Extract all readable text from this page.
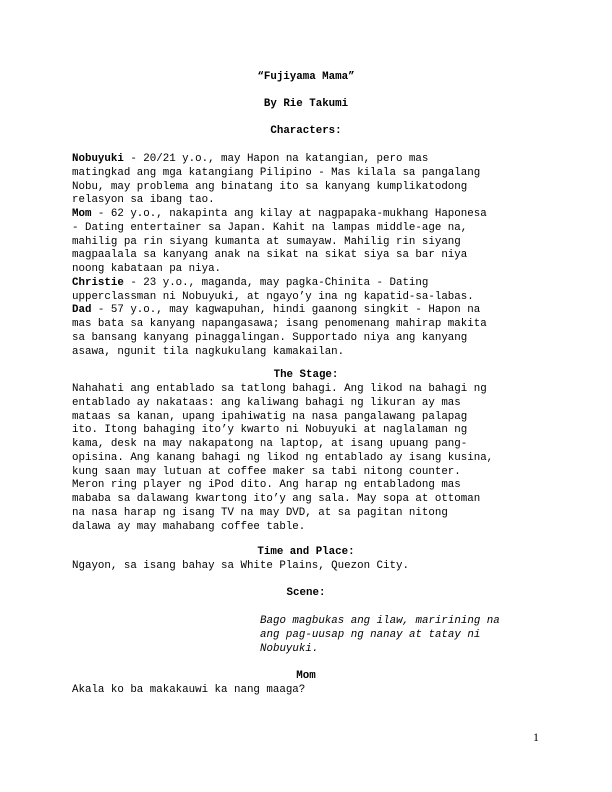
“Fujiyama Mama”
By Rie Takumi
Characters:
Nobuyuki - 20/21 y.o., may Hapon na katangian, pero mas
matingkad ang mga katangiang Pilipino - Mas kilala sa pangalang
Nobu, may problema ang binatang ito sa kanyang kumplikatodong
relasyon sa ibang tao.
Mom - 62 y.o., nakapinta ang kilay at nagpapaka-mukhang Haponesa
- Dating entertainer sa Japan. Kahit na lampas middle-age na,
mahilig pa rin siyang kumanta at sumayaw. Mahilig rin siyang
magpaalala sa kanyang anak na sikat na sikat siya sa bar niya
noong kabataan pa niya.
Christie - 23 y.o., maganda, may pagka-Chinita - Dating
upperclassman ni Nobuyuki, at ngayo’y ina ng kapatid-sa-labas.
Dad - 57 y.o., may kagwapuhan, hindi gaanong singkit - Hapon na
mas bata sa kanyang napangasawa; isang penomenang mahirap makita
sa bansang kanyang pinaggalingan. Supportado niya ang kanyang
asawa, ngunit tila nagkukulang kamakailan.
The Stage:
Nahahati ang entablado sa tatlong bahagi. Ang likod na bahagi ng
entablado ay nakataas: ang kaliwang bahagi ng likuran ay mas
mataas sa kanan, upang ipahiwatig na nasa pangalawang palapag
ito. Itong bahaging ito’y kwarto ni Nobuyuki at naglalaman ng
kama, desk na may nakapatong na laptop, at isang upuang pang-
opisina. Ang kanang bahagi ng likod ng entablado ay isang kusina,
kung saan may lutuan at coffee maker sa tabi nitong counter.
Meron ring player ng iPod dito. Ang harap ng entabladong mas
mababa sa dalawang kwartong ito’y ang sala. May sopa at ottoman
na nasa harap ng isang TV na may DVD, at sa pagitan nitong
dalawa ay may mahabang coffee table.
Time and Place:
Ngayon, sa isang bahay sa White Plains, Quezon City.
Scene:
Bago magbukas ang ilaw, maririning na
ang pag-uusap ng nanay at tatay ni
Nobuyuki.
Mom
Akala ko ba makakauwi ka nang maaga?
1
